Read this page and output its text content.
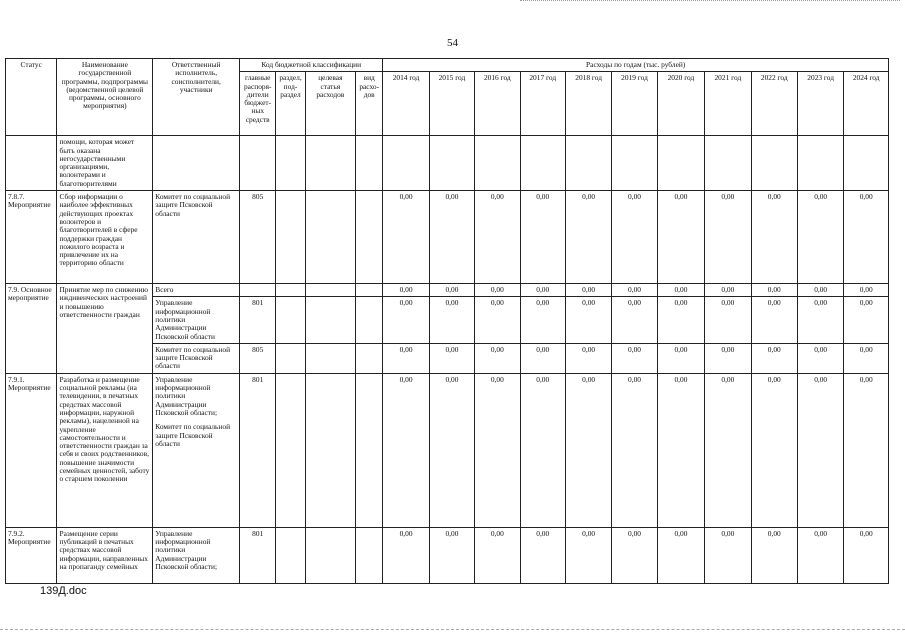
54
Статус	Наименование государственной программы, подпрограммы (ведомственной целевой программы, основного мероприятия)	Ответственный исполнитель, соисполнители, участники	Код бюджетной классификации				Расходы по годам (тыс. рублей)										
			главные распоря-дители бюджет-ных средств	раздел, под-раздел	целевая статья расходов	вид расхо-дов	2014 год	2015 год	2016 год	2017 год	2018 год	2019 год	2020 год	2021 год	2022 год	2023 год	2024 год
	помощи, которая может быть оказана негосударственными организациями, волонтерами и благотворителями																
7.8.7. Мероприятие	Сбор информации о наиболее эффективных действующих проектах волонтеров и благотворителей в сфере поддержки граждан пожилого возраста и привлечение их на территорию области	Комитет по социальной защите Псковской области	805				0,00	0,00	0,00	0,00	0,00	0,00	0,00	0,00	0,00	0,00	0,00
7.9. Основное мероприятие	Принятие мер по снижению иждивенческих настроений и повышению ответственности граждан	Всего					0,00	0,00	0,00	0,00	0,00	0,00	0,00	0,00	0,00	0,00	0,00
		Управление информационной политики Администрации Псковской области	801				0,00	0,00	0,00	0,00	0,00	0,00	0,00	0,00	0,00	0,00	0,00
		Комитет по социальной защите Псковской области	805				0,00	0,00	0,00	0,00	0,00	0,00	0,00	0,00	0,00	0,00	0,00
7.9.1. Мероприятие	Разработка и размещение социальной рекламы (на телевидении, в печатных средствах массовой информации, наружной рекламы), нацеленной на укрепление самостоятельности и ответственности граждан за себя и своих родственников, повышение значимости семейных ценностей, заботу о старшем поколении	Управление информационной политики Администрации Псковской области;
Комитет по социальной защите Псковской области	801				0,00	0,00	0,00	0,00	0,00	0,00	0,00	0,00	0,00	0,00	0,00
7.9.2. Мероприятие	Размещение серии публикаций в печатных средствах массовой информации, направленных на пропаганду семейных	Управление информационной политики Администрации Псковской области;	801				0,00	0,00	0,00	0,00	0,00	0,00	0,00	0,00	0,00	0,00	0,00
139Д.doc
